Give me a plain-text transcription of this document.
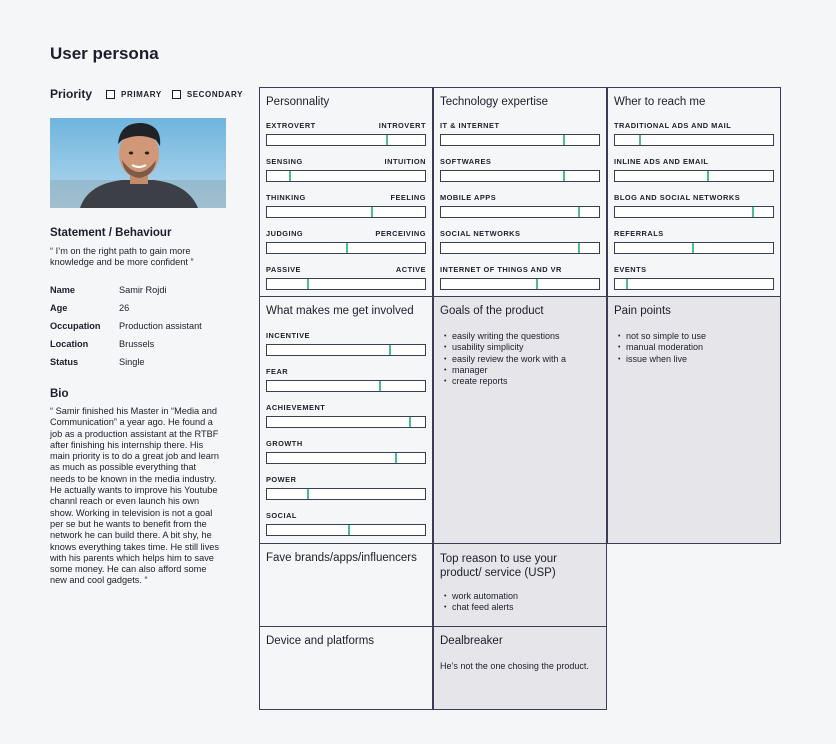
User persona
Priority	PRIMARY	SECONDARY
Statement / Behaviour
“ I’m on the right path to gain more
knowledge and be more confident ”
Name	Samir Rojdi
Age	26
Occupation	Production assistant
Location	Brussels
Status	Single
Bio
“ Samir finished his Master in “Media and
Communication” a year ago. He found a
job as a production assistant at the RTBF
after finishing his internship there. His
main priority is to do a great job and learn
as much as possible everything that
needs to be known in the media industry.
He actually wants to improve his Youtube
channl reach or even launch his own
show. Working in television is not a goal
per se but he wants to benefit from the
network he can build there. A bit shy, he
knows everything takes time. He still lives
with his parents which helps him to save
some money. He can also afford some
new and cool gadgets. “
Personnality
EXTROVERT	INTROVERT
SENSING	INTUITION
THINKING	FEELING
JUDGING	PERCEIVING
PASSIVE	ACTIVE
Technology expertise
IT & INTERNET
SOFTWARES
MOBILE APPS
SOCIAL NETWORKS
INTERNET OF THINGS AND VR
Wher to reach me
TRADITIONAL ADS AND MAIL
INLINE ADS AND EMAIL
BLOG AND SOCIAL NETWORKS
REFERRALS
EVENTS
What makes me get involved
INCENTIVE
FEAR
ACHIEVEMENT
GROWTH
POWER
SOCIAL
Goals of the product
• easily writing the questions
• usability simplicity
• easily review the work with a
• manager
• create reports
Pain points
• not so simple to use
• manual moderation
• issue when live
Fave brands/apps/influencers Top reason to use your
product/ service (USP)
• work automation
• chat feed alerts
Device and platforms	Dealbreaker
He’s not the one chosing the product.
